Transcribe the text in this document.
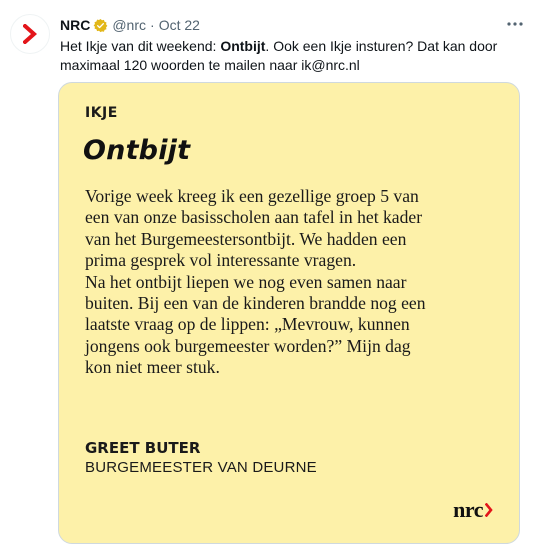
NRC @nrc · Oct 22
Het Ikje van dit weekend: Ontbijt. Ook een Ikje insturen? Dat kan door maximaal 120 woorden te mailen naar ik@nrc.nl
IKJE
Ontbijt

Vorige week kreeg ik een gezellige groep 5 van een van onze basisscholen aan tafel in het kader van het Burgemeestersontbijt. We hadden een prima gesprek vol interessante vragen.

Na het ontbijt liepen we nog even samen naar buiten. Bij een van de kinderen brandde nog een laatste vraag op de lippen: „Mevrouw, kunnen jongens ook burgemeester worden?” Mijn dag kon niet meer stuk.

GREET BUTER
BURGEMEESTER VAN DEURNE
nrc
